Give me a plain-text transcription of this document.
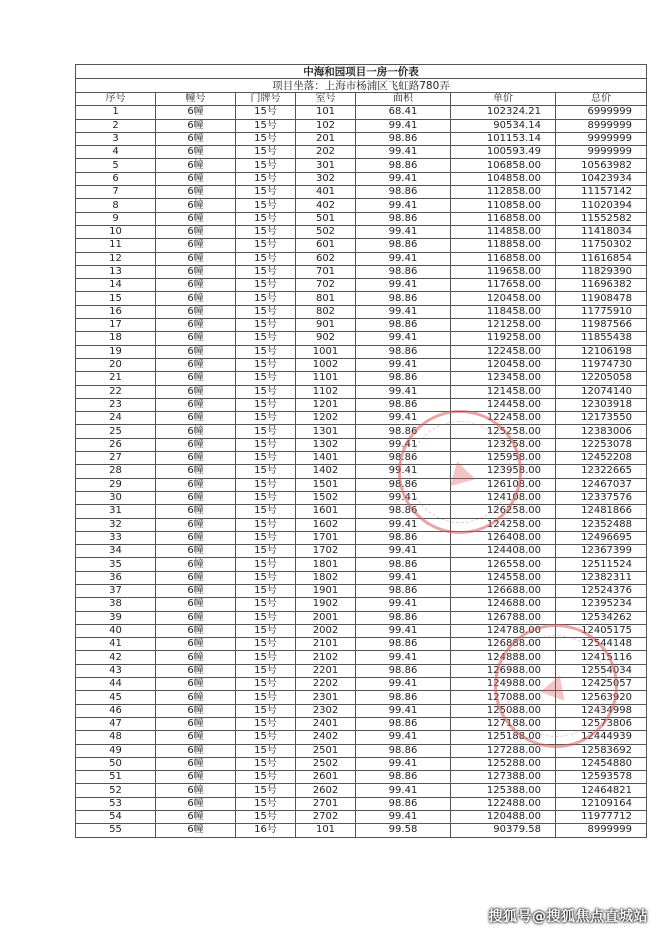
中海和园项目一房一价表						
项目坐落：上海市杨浦区飞虹路780弄						
序号	幢号	门牌号	室号	面积	单价	总价
1	6幢	15号	101	68.41	102324.21	6999999
2	6幢	15号	102	99.41	90534.14	8999999
3	6幢	15号	201	98.86	101153.14	9999999
4	6幢	15号	202	99.41	100593.49	9999999
5	6幢	15号	301	98.86	106858.00	10563982
6	6幢	15号	302	99.41	104858.00	10423934
7	6幢	15号	401	98.86	112858.00	11157142
8	6幢	15号	402	99.41	110858.00	11020394
9	6幢	15号	501	98.86	116858.00	11552582
10	6幢	15号	502	99.41	114858.00	11418034
11	6幢	15号	601	98.86	118858.00	11750302
12	6幢	15号	602	99.41	116858.00	11616854
13	6幢	15号	701	98.86	119658.00	11829390
14	6幢	15号	702	99.41	117658.00	11696382
15	6幢	15号	801	98.86	120458.00	11908478
16	6幢	15号	802	99.41	118458.00	11775910
17	6幢	15号	901	98.86	121258.00	11987566
18	6幢	15号	902	99.41	119258.00	11855438
19	6幢	15号	1001	98.86	122458.00	12106198
20	6幢	15号	1002	99.41	120458.00	11974730
21	6幢	15号	1101	98.86	123458.00	12205058
22	6幢	15号	1102	99.41	121458.00	12074140
23	6幢	15号	1201	98.86	124458.00	12303918
24	6幢	15号	1202	99.41	122458.00	12173550
25	6幢	15号	1301	98.86	125258.00	12383006
26	6幢	15号	1302	99.41	123258.00	12253078
27	6幢	15号	1401	98.86	125958.00	12452208
28	6幢	15号	1402	99.41	123958.00	12322665
29	6幢	15号	1501	98.86	126108.00	12467037
30	6幢	15号	1502	99.41	124108.00	12337576
31	6幢	15号	1601	98.86	126258.00	12481866
32	6幢	15号	1602	99.41	124258.00	12352488
33	6幢	15号	1701	98.86	126408.00	12496695
34	6幢	15号	1702	99.41	124408.00	12367399
35	6幢	15号	1801	98.86	126558.00	12511524
36	6幢	15号	1802	99.41	124558.00	12382311
37	6幢	15号	1901	98.86	126688.00	12524376
38	6幢	15号	1902	99.41	124688.00	12395234
39	6幢	15号	2001	98.86	126788.00	12534262
40	6幢	15号	2002	99.41	124788.00	12405175
41	6幢	15号	2101	98.86	126888.00	12544148
42	6幢	15号	2102	99.41	124888.00	12415116
43	6幢	15号	2201	98.86	126988.00	12554034
44	6幢	15号	2202	99.41	124988.00	12425057
45	6幢	15号	2301	98.86	127088.00	12563920
46	6幢	15号	2302	99.41	125088.00	12434998
47	6幢	15号	2401	98.86	127188.00	12573806
48	6幢	15号	2402	99.41	125188.00	12444939
49	6幢	15号	2501	98.86	127288.00	12583692
50	6幢	15号	2502	99.41	125288.00	12454880
51	6幢	15号	2601	98.86	127388.00	12593578
52	6幢	15号	2602	99.41	125388.00	12464821
53	6幢	15号	2701	98.86	122488.00	12109164
54	6幢	15号	2702	99.41	120488.00	11977712
55	6幢	16号	101	99.58	90379.58	8999999
搜狐号@搜狐焦点直城站
